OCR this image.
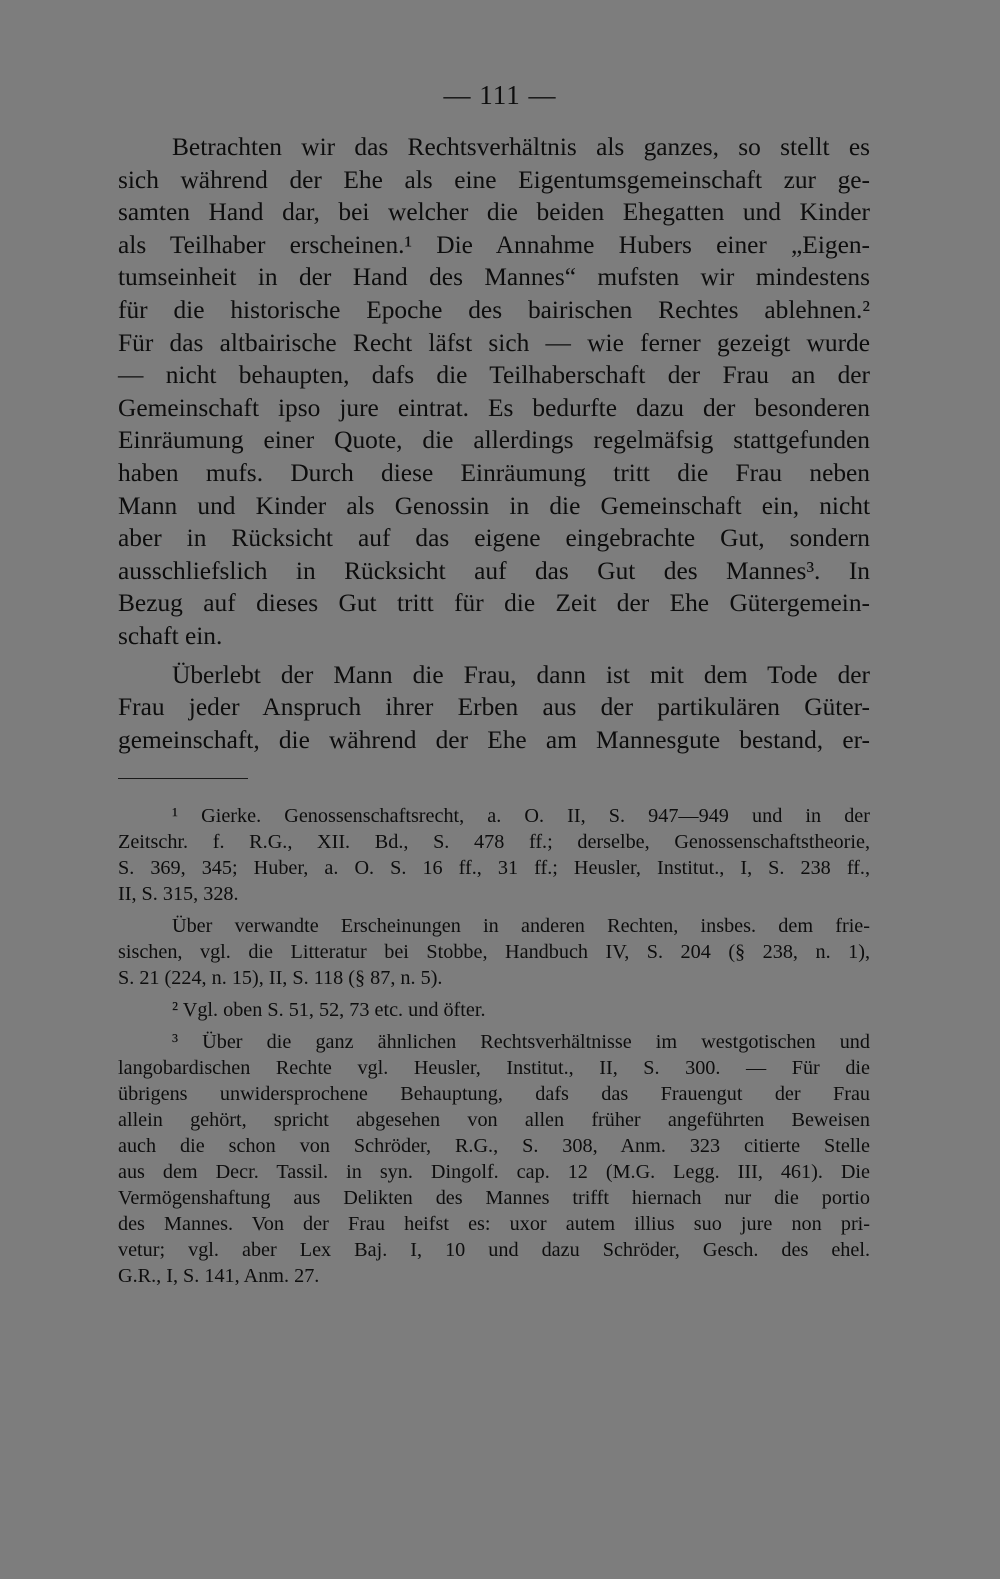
— 111 —

Betrachten wir das Rechtsverhältnis als ganzes, so stellt es
sich während der Ehe als eine Eigentumsgemeinschaft zur ge-
samten Hand dar, bei welcher die beiden Ehegatten und Kinder
als Teilhaber erscheinen.¹ Die Annahme Hubers einer „Eigen-
tumseinheit in der Hand des Mannes“ mufsten wir mindestens
für die historische Epoche des bairischen Rechtes ablehnen.²
Für das altbairische Recht läfst sich — wie ferner gezeigt wurde
— nicht behaupten, dafs die Teilhaberschaft der Frau an der
Gemeinschaft ipso jure eintrat. Es bedurfte dazu der besonderen
Einräumung einer Quote, die allerdings regelmäfsig stattgefunden
haben mufs. Durch diese Einräumung tritt die Frau neben
Mann und Kinder als Genossin in die Gemeinschaft ein, nicht
aber in Rücksicht auf das eigene eingebrachte Gut, sondern
ausschliefslich in Rücksicht auf das Gut des Mannes³. In
Bezug auf dieses Gut tritt für die Zeit der Ehe Gütergemein-
schaft ein.

Überlebt der Mann die Frau, dann ist mit dem Tode der
Frau jeder Anspruch ihrer Erben aus der partikulären Güter-
gemeinschaft, die während der Ehe am Mannesgute bestand, er-

¹ Gierke. Genossenschaftsrecht, a. O. II, S. 947—949 und in der
Zeitschr. f. R.G., XII. Bd., S. 478 ff.; derselbe, Genossenschaftstheorie,
S. 369, 345; Huber, a. O. S. 16 ff., 31 ff.; Heusler, Institut., I, S. 238 ff.,
II, S. 315, 328.

Über verwandte Erscheinungen in anderen Rechten, insbes. dem frie-
sischen, vgl. die Litteratur bei Stobbe, Handbuch IV, S. 204 (§ 238, n. 1),
S. 21 (224, n. 15), II, S. 118 (§ 87, n. 5).

² Vgl. oben S. 51, 52, 73 etc. und öfter.

³ Über die ganz ähnlichen Rechtsverhältnisse im westgotischen und
langobardischen Rechte vgl. Heusler, Institut., II, S. 300. — Für die
übrigens unwidersprochene Behauptung, dafs das Frauengut der Frau
allein gehört, spricht abgesehen von allen früher angeführten Beweisen
auch die schon von Schröder, R.G., S. 308, Anm. 323 citierte Stelle
aus dem Decr. Tassil. in syn. Dingolf. cap. 12 (M.G. Legg. III, 461). Die
Vermögenshaftung aus Delikten des Mannes trifft hiernach nur die portio
des Mannes. Von der Frau heifst es: uxor autem illius suo jure non pri-
vetur; vgl. aber Lex Baj. I, 10 und dazu Schröder, Gesch. des ehel.
G.R., I, S. 141, Anm. 27.
